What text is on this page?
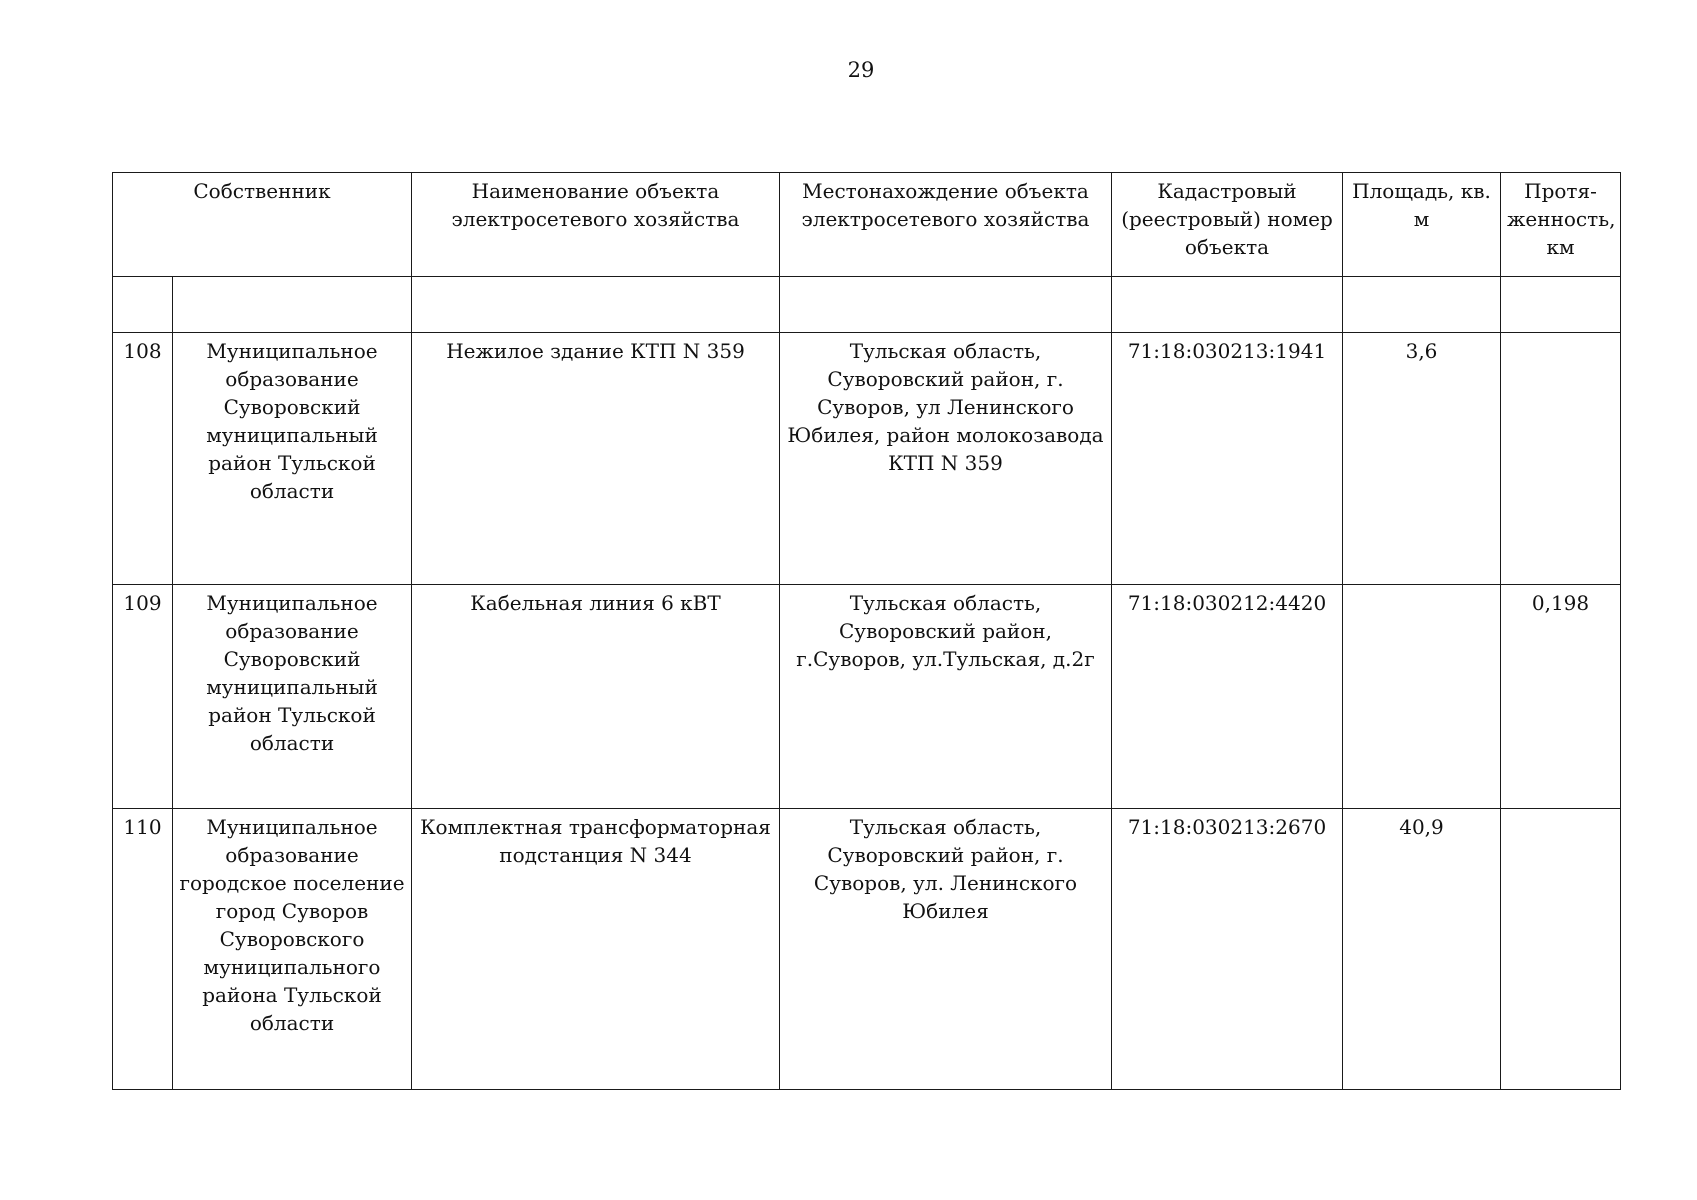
29
Собственник		Наименование объекта электросетевого хозяйства	Местонахождение объекта электросетевого хозяйства	Кадастровый (реестровый) номер объекта	Площадь, кв. м	Протя-женность, км

108	Муниципальное образование Суворовский муниципальный район Тульской области	Нежилое здание КТП N 359	Тульская область, Суворовский район, г. Суворов, ул Ленинского Юбилея, район молокозавода КТП N 359	71:18:030213:1941	3,6	
109	Муниципальное образование Суворовский муниципальный район Тульской области	Кабельная линия 6 кВТ	Тульская область, Суворовский район, г.Суворов, ул.Тульская, д.2г	71:18:030212:4420		0,198
110	Муниципальное образование городское поселение город Суворов Суворовского муниципального района Тульской области	Комплектная трансформаторная подстанция N 344	Тульская область, Суворовский район, г. Суворов, ул. Ленинского Юбилея	71:18:030213:2670	40,9	
